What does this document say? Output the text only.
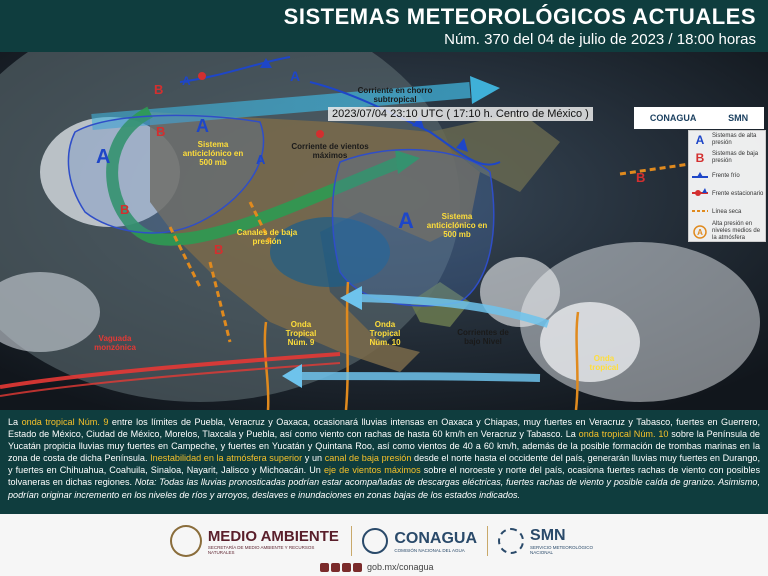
SISTEMAS METEOROLÓGICOS ACTUALES
Núm. 370 del 04 de julio de 2023 / 18:00 horas
2023/07/04 23:10 UTC ( 17:10 h. Centro de México )	CONAGUA	SMN
A	Sistemas de alta presión
B	Sistemas de baja presión
Frente frío
Frente estacionario
Línea seca
A
Alta presión en niveles medios de la atmósfera
Corriente en chorro subtropical
Corriente de vientos máximos
Sistema anticiclónico en 500 mb
Sistema anticiclónico en 500 mb
Canales de baja presión
Onda Tropical Núm. 9
Onda Tropical Núm. 10
Onda tropical
Corrientes de bajo Nivel
Vaguada monzónica
A
A
A
A
A
A
B
B
B
B
B
La onda tropical Núm. 9 entre los límites de Puebla, Veracruz y Oaxaca, ocasionará lluvias intensas en Oaxaca y Chiapas, muy fuertes en Veracruz y Tabasco, fuertes en Guerrero, Estado de México, Ciudad de México, Morelos, Tlaxcala y Puebla, así como viento con rachas de hasta 60 km/h en Veracruz y Tabasco. La onda tropical Núm. 10 sobre la Península de Yucatán propicia lluvias muy fuertes en Campeche, y fuertes en Yucatán y Quintana Roo, así como vientos de 40 a 60 km/h, además de la posible formación de trombas marinas en la zona de costa de dicha Península. Inestabilidad en la atmósfera superior y un canal de baja presión desde el norte hasta el occidente del país, generarán lluvias muy fuertes en Durango, y fuertes en Chihuahua, Coahuila, Sinaloa, Nayarit, Jalisco y Michoacán. Un eje de vientos máximos sobre el noroeste y norte del país, ocasiona fuertes rachas de viento con posibles tolvaneras en dichas regiones. Nota: Todas las lluvias pronosticadas podrían estar acompañadas de descargas eléctricas, fuertes rachas de viento y posible caída de granizo. Asimismo, podrían originar incremento en los niveles de ríos y arroyos, deslaves e inundaciones en zonas bajas de los estados indicados.
MEDIO AMBIENTE
SECRETARÍA DE MEDIO AMBIENTE Y RECURSOS NATURALES
CONAGUA
COMISIÓN NACIONAL DEL AGUA
SMN
SERVICIO METEOROLÓGICO NACIONAL
gob.mx/conagua
